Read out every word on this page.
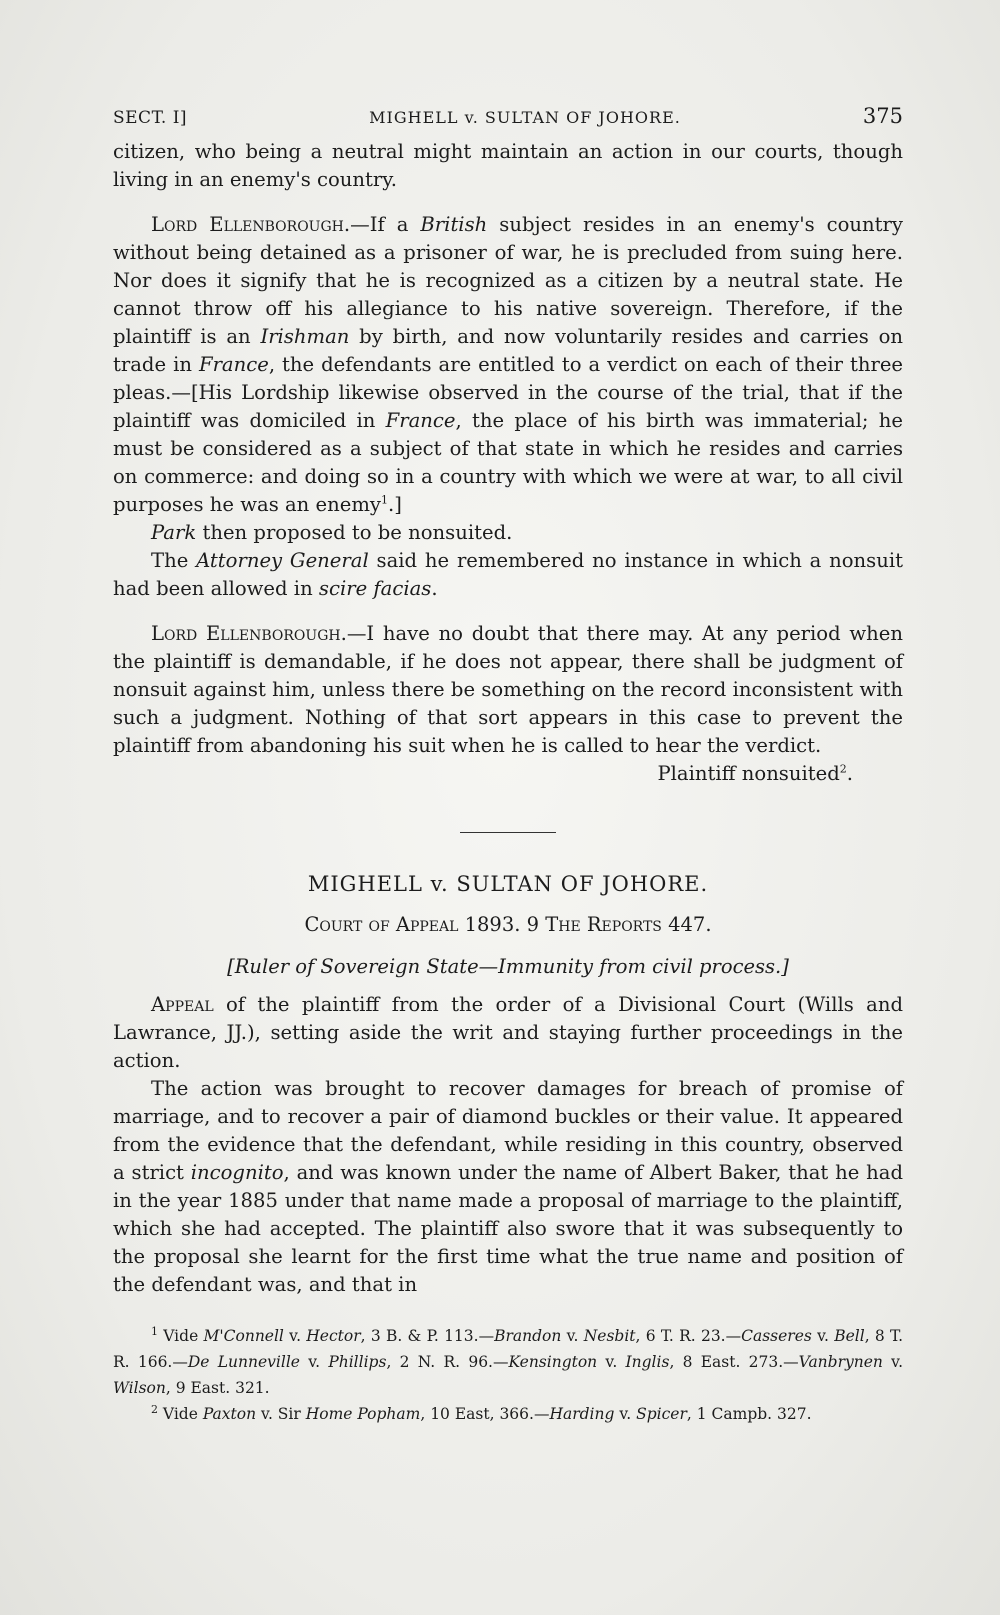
SECT. I]	MIGHELL v. SULTAN OF JOHORE.	375

citizen, who being a neutral might maintain an action in our courts, though living in an enemy's country.

Lord Ellenborough.—If a British subject resides in an enemy's country without being detained as a prisoner of war, he is precluded from suing here. Nor does it signify that he is recognized as a citizen by a neutral state. He cannot throw off his allegiance to his native sovereign. Therefore, if the plaintiff is an Irishman by birth, and now voluntarily resides and carries on trade in France, the defendants are entitled to a verdict on each of their three pleas.—[His Lordship likewise observed in the course of the trial, that if the plaintiff was domiciled in France, the place of his birth was immaterial; he must be considered as a subject of that state in which he resides and carries on commerce: and doing so in a country with which we were at war, to all civil purposes he was an enemy$^1$.]

Park then proposed to be nonsuited.

The Attorney General said he remembered no instance in which a nonsuit had been allowed in scire facias.

Lord Ellenborough.—I have no doubt that there may. At any period when the plaintiff is demandable, if he does not appear, there shall be judgment of nonsuit against him, unless there be something on the record inconsistent with such a judgment. Nothing of that sort appears in this case to prevent the plaintiff from abandoning his suit when he is called to hear the verdict.

Plaintiff nonsuited$^2$.

MIGHELL v. SULTAN OF JOHORE.
Court of Appeal 1893. 9 The Reports 447.
[Ruler of Sovereign State—Immunity from civil process.]

Appeal of the plaintiff from the order of a Divisional Court (Wills and Lawrance, JJ.), setting aside the writ and staying further proceedings in the action.

The action was brought to recover damages for breach of promise of marriage, and to recover a pair of diamond buckles or their value. It appeared from the evidence that the defendant, while residing in this country, observed a strict incognito, and was known under the name of Albert Baker, that he had in the year 1885 under that name made a proposal of marriage to the plaintiff, which she had accepted. The plaintiff also swore that it was subsequently to the proposal she learnt for the first time what the true name and position of the defendant was, and that in

$^1$ Vide M'Connell v. Hector, 3 B. & P. 113.—Brandon v. Nesbit, 6 T. R. 23.—Casseres v. Bell, 8 T. R. 166.—De Lunneville v. Phillips, 2 N. R. 96.—Kensington v. Inglis, 8 East. 273.—Vanbrynen v. Wilson, 9 East. 321.
$^2$ Vide Paxton v. Sir Home Popham, 10 East, 366.—Harding v. Spicer, 1 Campb. 327.
